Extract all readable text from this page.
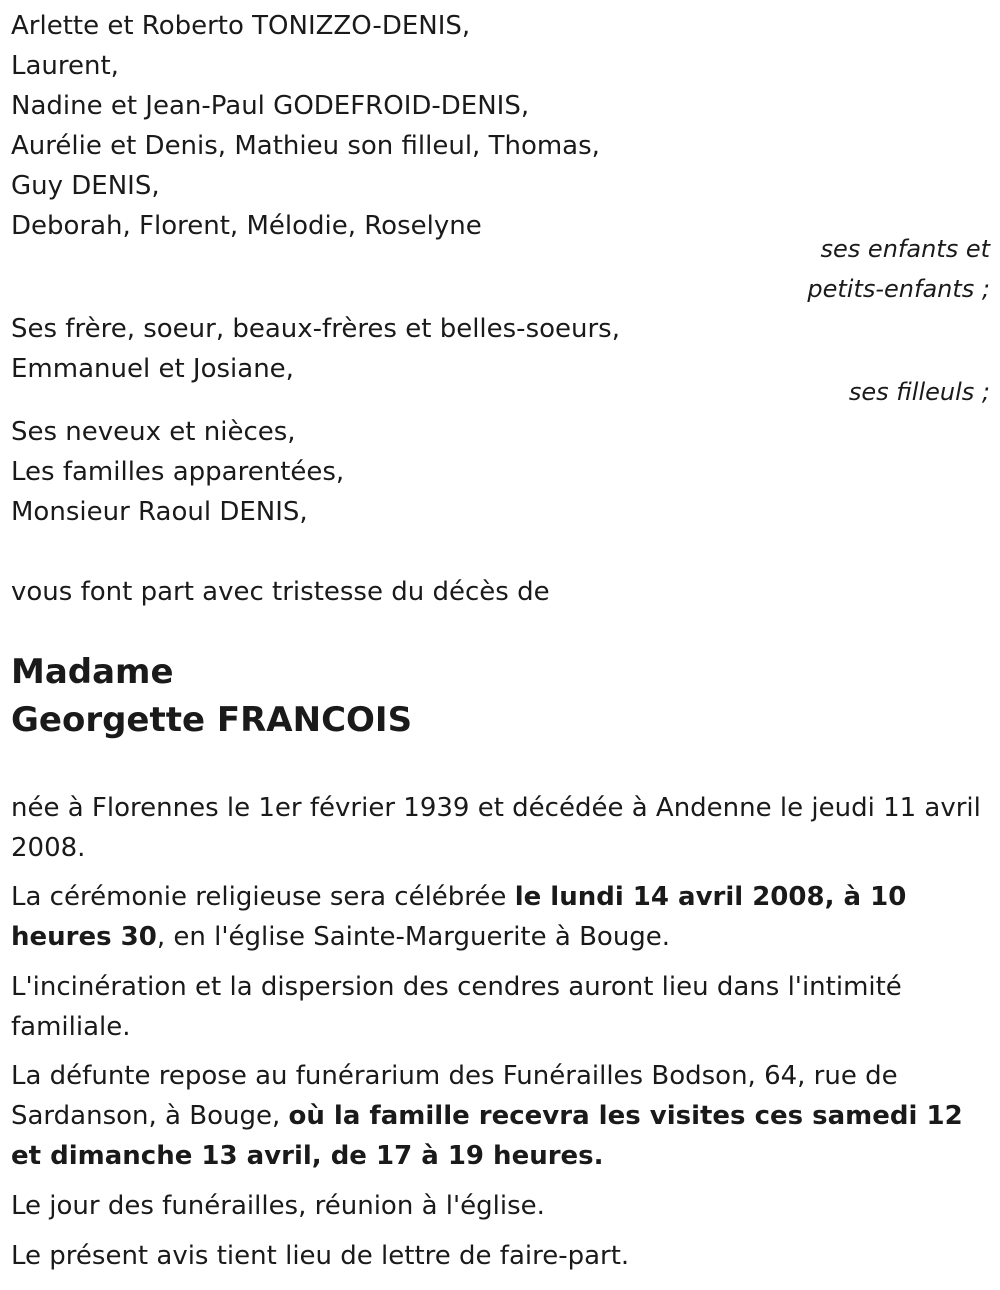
Arlette et Roberto TONIZZO-DENIS,
Laurent,
Nadine et Jean-Paul GODEFROID-DENIS,
Aurélie et Denis, Mathieu son filleul, Thomas,
Guy DENIS,
Deborah, Florent, Mélodie, Roselyne
ses enfants et
petits-enfants ;
Ses frère, soeur, beaux-frères et belles-soeurs,
Emmanuel et Josiane,
ses filleuls ;
Ses neveux et nièces,
Les familles apparentées,
Monsieur Raoul DENIS,
vous font part avec tristesse du décès de
Madame
Georgette FRANCOIS
née à Florennes le 1er février 1939 et décédée à Andenne le jeudi 11 avril 2008.
La cérémonie religieuse sera célébrée le lundi 14 avril 2008, à 10 heures 30, en l'église Sainte-Marguerite à Bouge.
L'incinération et la dispersion des cendres auront lieu dans l'intimité familiale.
La défunte repose au funérarium des Funérailles Bodson, 64, rue de Sardanson, à Bouge, où la famille recevra les visites ces samedi 12 et dimanche 13 avril, de 17 à 19 heures.
Le jour des funérailles, réunion à l'église.
Le présent avis tient lieu de lettre de faire-part.
